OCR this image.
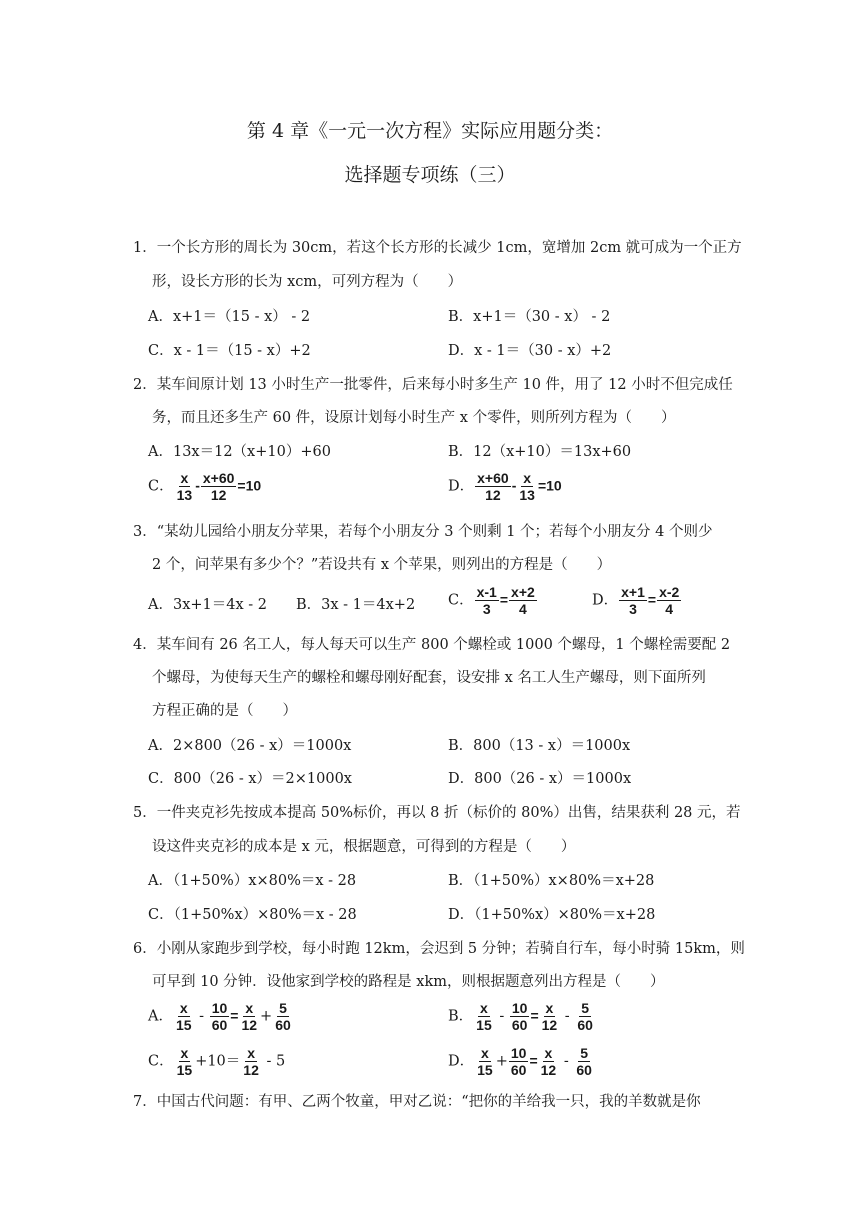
第 4 章《一元一次方程》实际应用题分类：
选择题专项练（三）
1．一个长方形的周长为 30cm，若这个长方形的长减少 1cm，宽增加 2cm 就可成为一个正方
形，设长方形的长为 xcm，可列方程为（　　）
A．x+1＝（15 - x） - 2	B．x+1＝（30 - x） - 2
C．x - 1＝（15 - x）+2	D．x - 1＝（30 - x）+2
2．某车间原计划 13 小时生产一批零件，后来每小时多生产 10 件，用了 12 小时不但完成任
务，而且还多生产 60 件，设原计划每小时生产 x 个零件，则所列方程为（　　）
A．13x＝12（x+10）+60	B．12（x+10）＝13x+60
C． $\frac{x}{13} - \frac{x+60}{12} =10$	D． $\frac{x+60}{12} - \frac{x}{13} =10$
3．“某幼儿园给小朋友分苹果，若每个小朋友分 3 个则剩 1 个；若每个小朋友分 4 个则少
2 个，问苹果有多少个？”若设共有 x 个苹果，则列出的方程是（　　）
A．3x+1＝4x - 2 B．3x - 1＝4x+2 C． $\frac{x-1}{3} = \frac{x+2}{4}$	D． $\frac{x+1}{3} = \frac{x-2}{4}$
4．某车间有 26 名工人，每人每天可以生产 800 个螺栓或 1000 个螺母，1 个螺栓需要配 2
个螺母，为使每天生产的螺栓和螺母刚好配套，设安排 x 名工人生产螺母，则下面所列
方程正确的是（　　）
A．2×800（26 - x）＝1000x	B．800（13 - x）＝1000x
C．800（26 - x）＝2×1000x	D．800（26 - x）＝1000x
5．一件夹克衫先按成本提高 50%标价，再以 8 折（标价的 80%）出售，结果获利 28 元，若
设这件夹克衫的成本是 x 元，根据题意，可得到的方程是（　　）
A．（1+50%）x×80%＝x - 28	B．（1+50%）x×80%＝x+28
C．（1+50%x）×80%＝x - 28	D．（1+50%x）×80%＝x+28
6．小刚从家跑步到学校，每小时跑 12km，会迟到 5 分钟；若骑自行车，每小时骑 15km，则
可早到 10 分钟．设他家到学校的路程是 xkm，则根据题意列出方程是（　　）
A． $\frac{x}{15} - \frac{10}{60} = \frac{x}{12} + \frac{5}{60}$	B． $\frac{x}{15} - \frac{10}{60} = \frac{x}{12} - \frac{5}{60}$
C． $\frac{x}{15} +10= \frac{x}{12} - 5$	D． $\frac{x}{15} + \frac{10}{60} = \frac{x}{12} - \frac{5}{60}$
7．中国古代问题：有甲、乙两个牧童，甲对乙说：“把你的羊给我一只，我的羊数就是你
